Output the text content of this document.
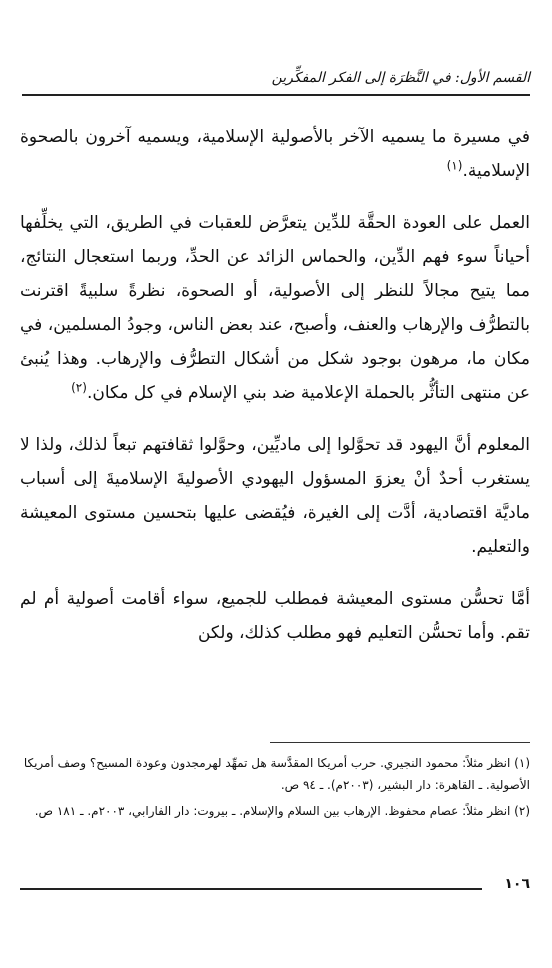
القسم الأول: في النَّظرَة إلى الفكر المفكِّرين

في مسيرة ما يسميه الآخر بالأصولية الإسلامية، ويسميه آخرون بالصحوة الإسلامية.$^{(١)}$

العمل على العودة الحقَّة للدِّين يتعرَّض للعقبات في الطريق، التي يخلِّفها أحياناً سوء فهم الدِّين، والحماس الزائد عن الحدِّ، وربما استعجال النتائج، مما يتيح مجالاً للنظر إلى الأصولية، أو الصحوة، نظرةً سلبيةً اقترنت بالتطرُّف والإرهاب والعنف، وأصبح، عند بعض الناس، وجودُ المسلمين، في مكان ما، مرهون بوجود شكل من أشكال التطرُّف والإرهاب. وهذا يُنبئ عن منتهى التأثُّر بالحملة الإعلامية ضد بني الإسلام في كل مكان.$^{(٢)}$

المعلوم أنَّ اليهود قد تحوَّلوا إلى ماديِّين، وحوَّلوا ثقافتهم تبعاً لذلك، ولذا لا يستغرب أحدٌ أنْ يعزوَ المسؤول اليهودي الأصوليةَ الإسلاميةَ إلى أسباب ماديَّة اقتصادية، أدَّت إلى الغيرة، فيُقضى عليها بتحسين مستوى المعيشة والتعليم.

أمَّا تحسُّن مستوى المعيشة فمطلب للجميع، سواء أقامت أصولية أم لم تقم. وأما تحسُّن التعليم فهو مطلب كذلك، ولكن

(١) انظر مثلاً: محمود النجيري. حرب أمريكا المقدَّسة هل تمهِّد لهرمجدون وعودة المسيح؟ وصف أمريكا الأصولية. ـ القاهرة: دار البشير، (٢٠٠٣م). ـ ٩٤ ص.

(٢) انظر مثلاً: عصام محفوظ. الإرهاب بين السلام والإسلام. ـ بيروت: دار الفارابي، ٢٠٠٣م. ـ ١٨١ ص.

١٠٦
